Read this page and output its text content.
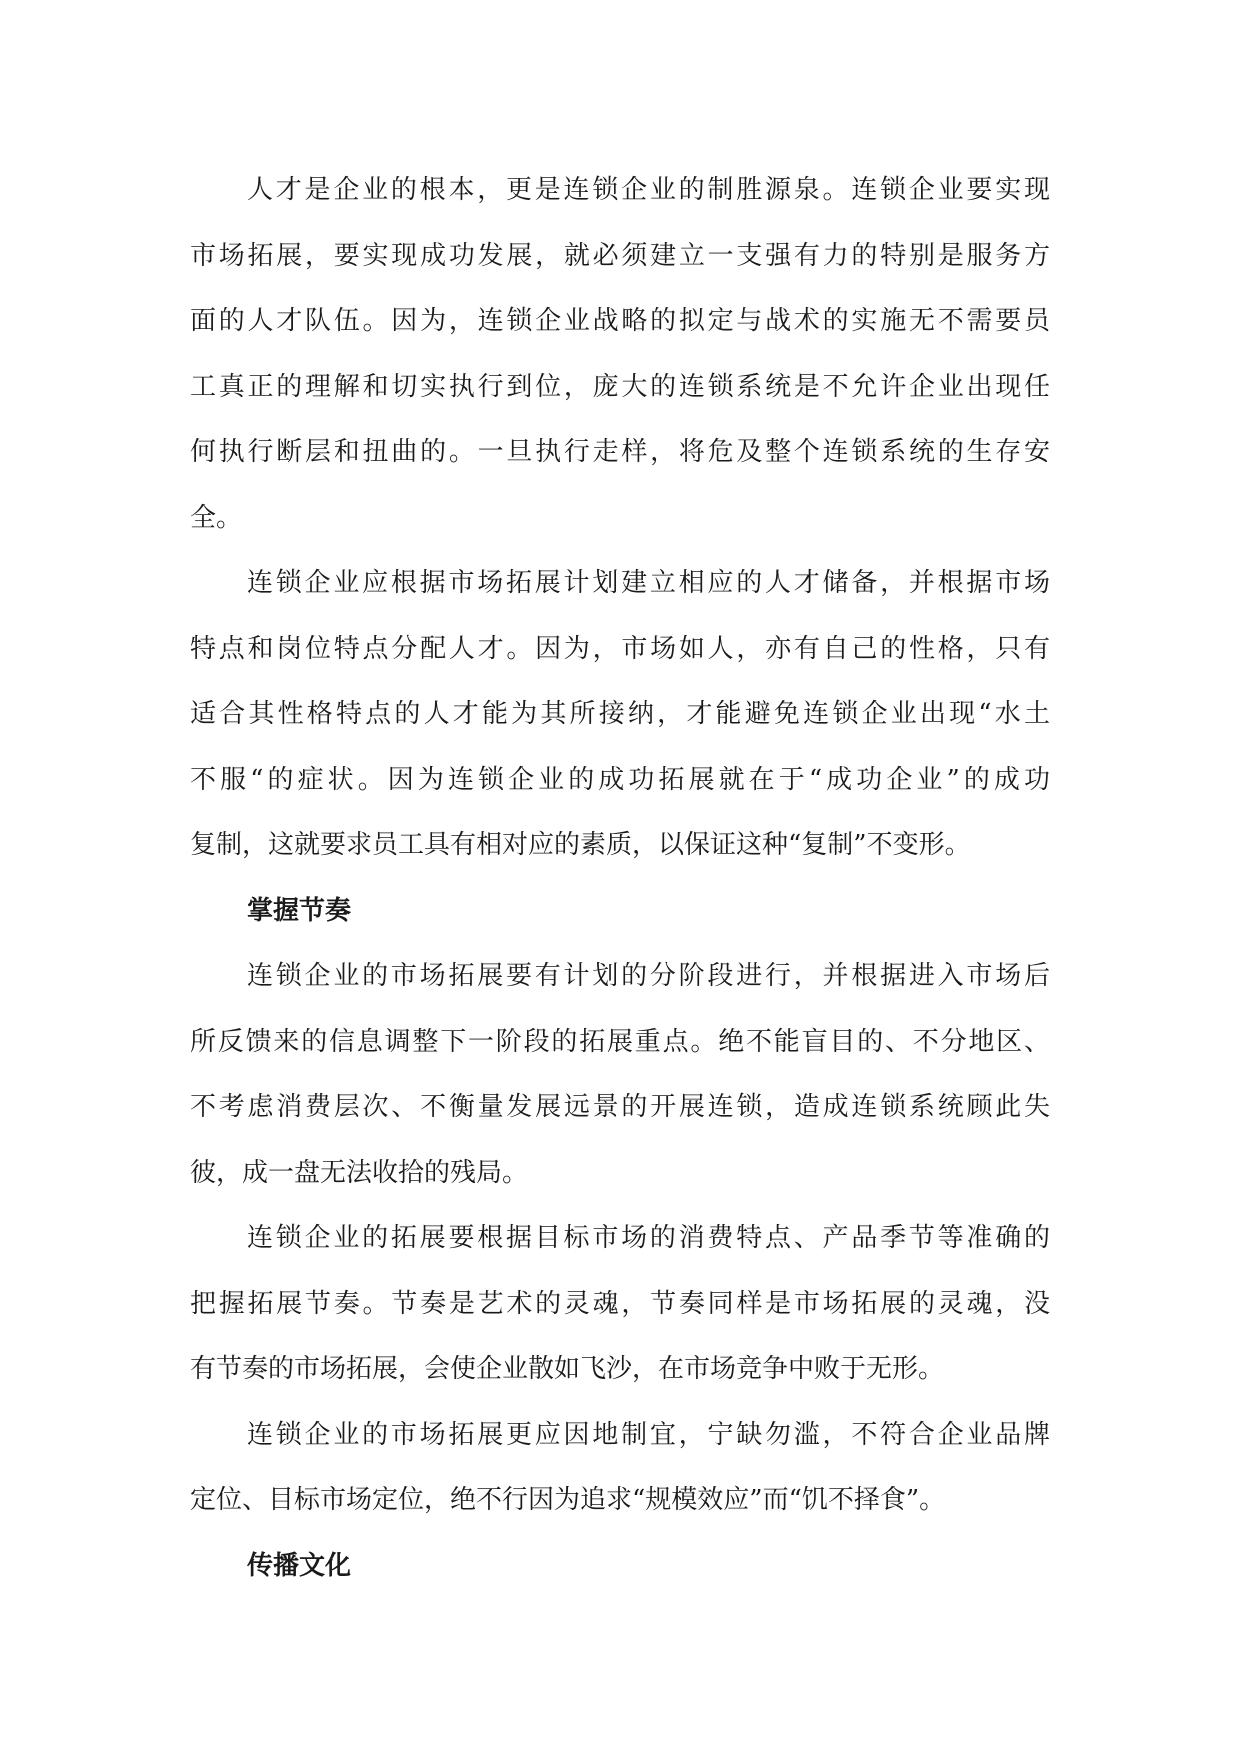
人才是企业的根本，更是连锁企业的制胜源泉。连锁企业要实现
市场拓展，要实现成功发展，就必须建立一支强有力的特别是服务方
面的人才队伍。因为，连锁企业战略的拟定与战术的实施无不需要员
工真正的理解和切实执行到位，庞大的连锁系统是不允许企业出现任
何执行断层和扭曲的。一旦执行走样，将危及整个连锁系统的生存安
全。
连锁企业应根据市场拓展计划建立相应的人才储备，并根据市场
特点和岗位特点分配人才。因为，市场如人，亦有自己的性格，只有
适合其性格特点的人才能为其所接纳，才能避免连锁企业出现“水土
不服“的症状。因为连锁企业的成功拓展就在于“成功企业”的成功
复制，这就要求员工具有相对应的素质，以保证这种“复制”不变形。
掌握节奏
连锁企业的市场拓展要有计划的分阶段进行，并根据进入市场后
所反馈来的信息调整下一阶段的拓展重点。绝不能盲目的、不分地区、
不考虑消费层次、不衡量发展远景的开展连锁，造成连锁系统顾此失
彼，成一盘无法收拾的残局。
连锁企业的拓展要根据目标市场的消费特点、产品季节等准确的
把握拓展节奏。节奏是艺术的灵魂，节奏同样是市场拓展的灵魂，没
有节奏的市场拓展，会使企业散如飞沙，在市场竞争中败于无形。
连锁企业的市场拓展更应因地制宜，宁缺勿滥，不符合企业品牌
定位、目标市场定位，绝不行因为追求“规模效应”而“饥不择食”。
传播文化
